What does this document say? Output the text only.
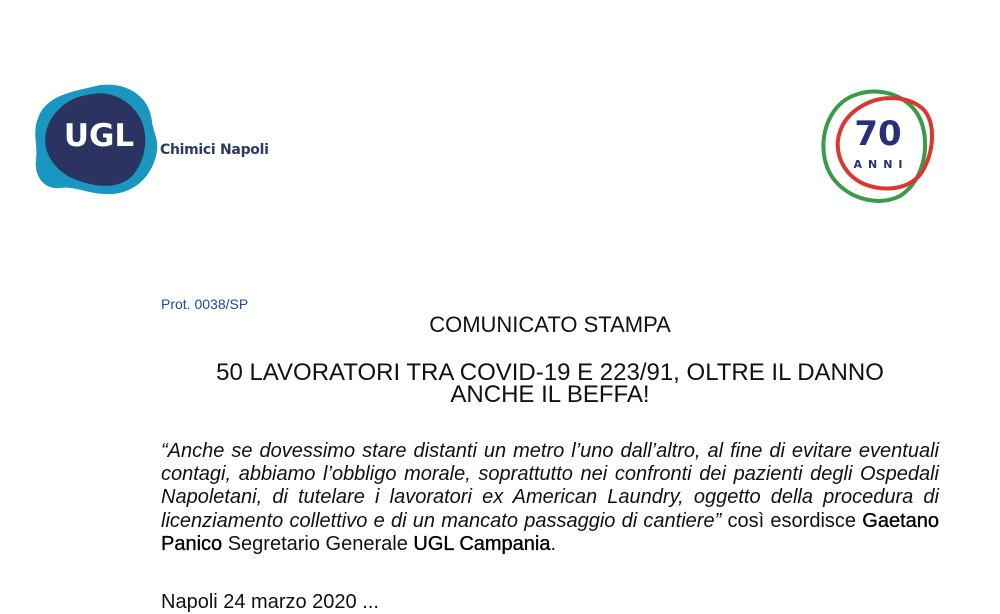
UGL	Chimici Napoli	70
ANNI
Prot. 0038/SP
COMUNICATO STAMPA
50 LAVORATORI TRA COVID-19 E 223/91, OLTRE IL DANNO
ANCHE IL BEFFA!
“Anche se dovessimo stare distanti un metro l’uno dall’altro, al fine di evitare eventuali contagi, abbiamo l’obbligo morale, soprattutto nei confronti dei pazienti degli Ospedali Napoletani, di tutelare i lavoratori ex American Laundry, oggetto della procedura di licenziamento collettivo e di un mancato passaggio di cantiere” così esordisce Gaetano Panico Segretario Generale UGL Campania.
Napoli 24 marzo 2020 ...
